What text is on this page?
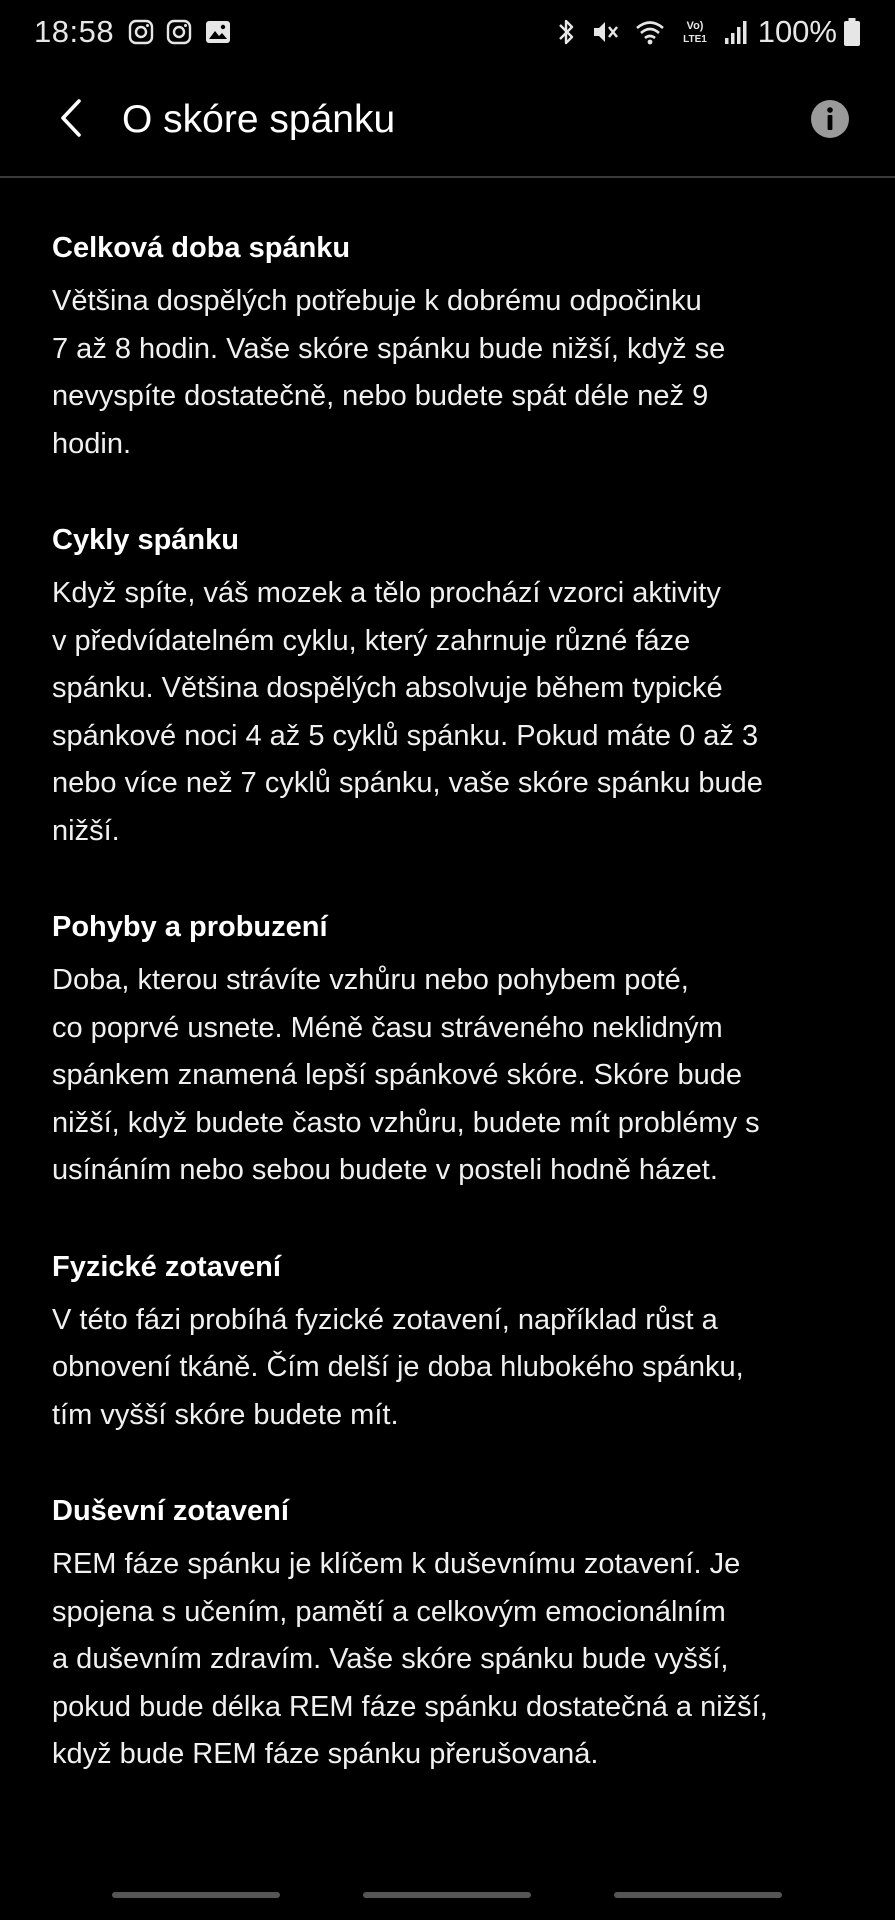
18:58	Vo)
LTE1 100%
O skóre spánku
Celková doba spánku

Většina dospělých potřebuje k dobrému odpočinku
7 až 8 hodin. Vaše skóre spánku bude nižší, když se
nevyspíte dostatečně, nebo budete spát déle než 9
hodin.

Cykly spánku

Když spíte, váš mozek a tělo prochází vzorci aktivity
v předvídatelném cyklu, který zahrnuje různé fáze
spánku. Většina dospělých absolvuje během typické
spánkové noci 4 až 5 cyklů spánku. Pokud máte 0 až 3
nebo více než 7 cyklů spánku, vaše skóre spánku bude
nižší.

Pohyby a probuzení

Doba, kterou strávíte vzhůru nebo pohybem poté,
co poprvé usnete. Méně času stráveného neklidným
spánkem znamená lepší spánkové skóre. Skóre bude
nižší, když budete často vzhůru, budete mít problémy s
usínáním nebo sebou budete v posteli hodně házet.

Fyzické zotavení

V této fázi probíhá fyzické zotavení, například růst a
obnovení tkáně. Čím delší je doba hlubokého spánku,
tím vyšší skóre budete mít.

Duševní zotavení

REM fáze spánku je klíčem k duševnímu zotavení. Je
spojena s učením, pamětí a celkovým emocionálním
a duševním zdravím. Vaše skóre spánku bude vyšší,
pokud bude délka REM fáze spánku dostatečná a nižší,
když bude REM fáze spánku přerušovaná.
